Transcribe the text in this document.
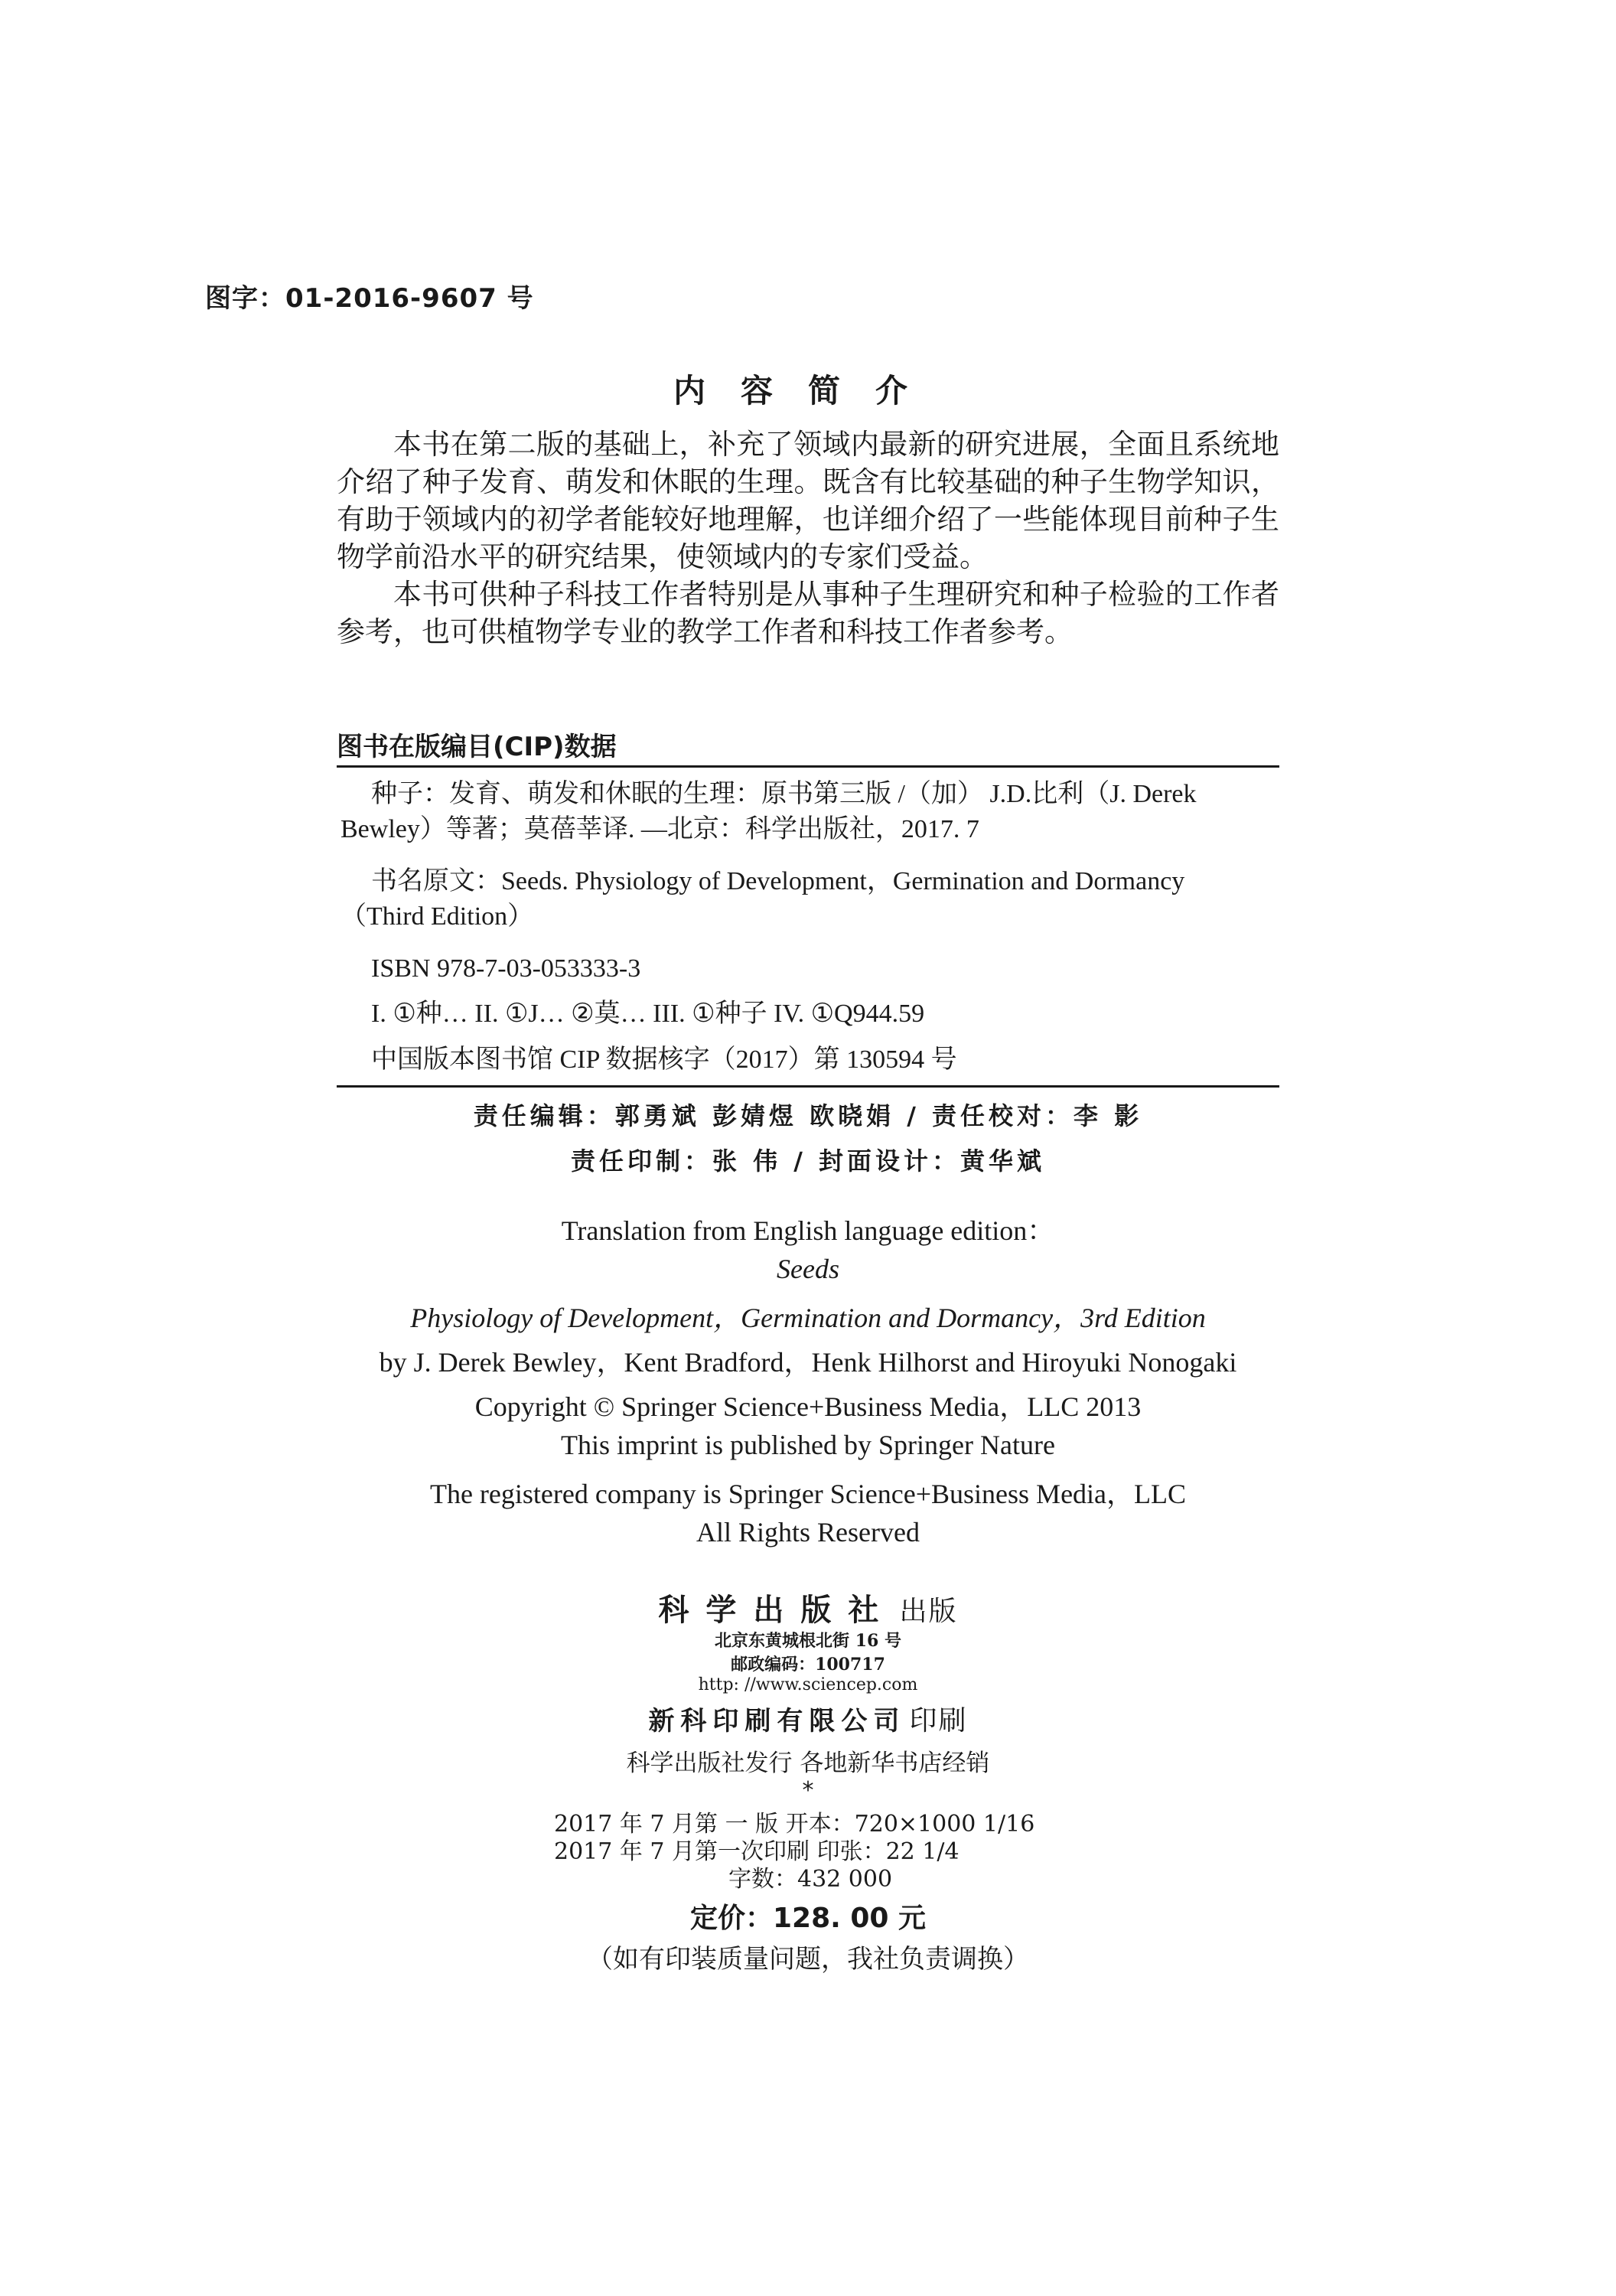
图字：01-2016-9607 号
内容简介

本书在第二版的基础上，补充了领域内最新的研究进展，全面且系统地介绍了种子发育、萌发和休眠的生理。既含有比较基础的种子生物学知识，有助于领域内的初学者能较好地理解，也详细介绍了一些能体现目前种子生物学前沿水平的研究结果，使领域内的专家们受益。

本书可供种子科技工作者特别是从事种子生理研究和种子检验的工作者参考，也可供植物学专业的教学工作者和科技工作者参考。

图书在版编目(CIP)数据
种子：发育、萌发和休眠的生理：原书第三版 /（加） J.D.比利（J. Derek
Bewley）等著；莫蓓莘译. —北京：科学出版社，2017. 7
书名原文：Seeds. Physiology of Development，Germination and Dormancy
（Third Edition）
ISBN 978-7-03-053333-3
I. ①种… II. ①J… ②莫… III. ①种子 IV. ①Q944.59
中国版本图书馆 CIP 数据核字（2017）第 130594 号
责任编辑：郭勇斌 彭婧煜 欧晓娟 / 责任校对：李 影
责任印制：张 伟 / 封面设计：黄华斌
Translation from English language edition：
Seeds
Physiology of Development，Germination and Dormancy，3rd Edition
by J. Derek Bewley，Kent Bradford，Henk Hilhorst and Hiroyuki Nonogaki
Copyright © Springer Science+Business Media，LLC 2013
This imprint is published by Springer Nature
The registered company is Springer Science+Business Media，LLC
All Rights Reserved
科学出版社 出版
北京东黄城根北街 16 号
邮政编码：100717
http: //www.sciencep.com
新科印刷有限公司 印刷
科学出版社发行 各地新华书店经销
*
2017 年 7 月第 一 版 开本：720×1000 1/16
2017 年 7 月第一次印刷 印张：22 1/4
字数：432 000
定价：128. 00 元
（如有印装质量问题，我社负责调换）
